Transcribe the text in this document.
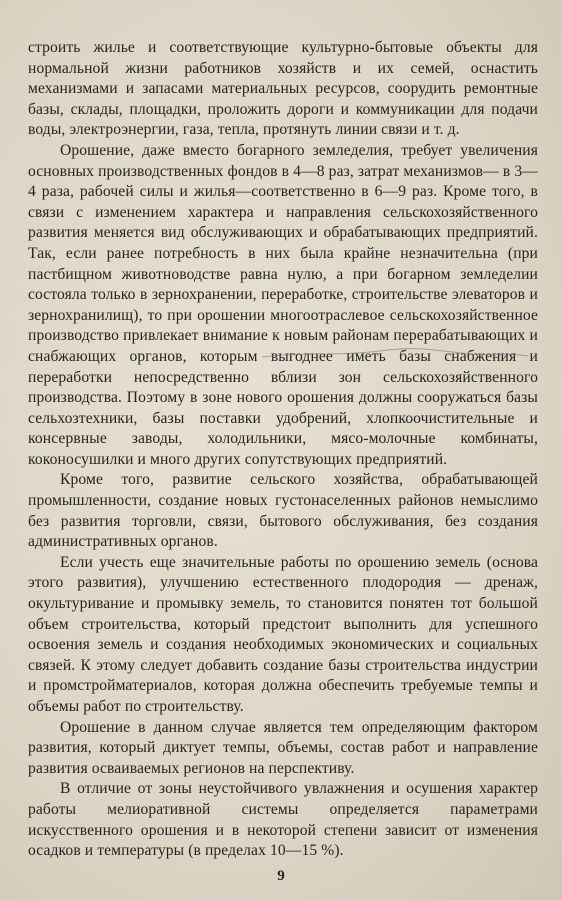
строить жилье и соответствующие культурно-бытовые объекты для нормальной жизни работников хозяйств и их семей, оснастить механизмами и запасами материальных ресурсов, соорудить ремонтные базы, склады, площадки, проложить дороги и коммуникации для подачи воды, электроэнергии, газа, тепла, протянуть линии связи и т. д.

Орошение, даже вместо богарного земледелия, требует увеличения основных производственных фондов в 4—8 раз, затрат механизмов— в 3—4 раза, рабочей силы и жилья—соответственно в 6—9 раз. Кроме того, в связи с изменением характера и направления сельскохозяйственного развития меняется вид обслуживающих и обрабатывающих предприятий. Так, если ранее потребность в них была крайне незначительна (при пастбищном животноводстве равна нулю, а при богарном земледелии состояла только в зернохранении, переработке, строительстве элеваторов и зернохранилищ), то при орошении многоотраслевое сельскохозяйственное производство привлекает внимание к новым районам перерабатывающих и снабжающих органов, которым выгоднее иметь базы снабжения и переработки непосредственно вблизи зон сельскохозяйственного производства. Поэтому в зоне нового орошения должны сооружаться базы сельхозтехники, базы поставки удобрений, хлопкоочистительные и консервные заводы, холодильники, мясо-молочные комбинаты, коконосушилки и много других сопутствующих предприятий.

Кроме того, развитие сельского хозяйства, обрабатывающей промышленности, создание новых густонаселенных районов немыслимо без развития торговли, связи, бытового обслуживания, без создания административных органов.

Если учесть еще значительные работы по орошению земель (основа этого развития), улучшению естественного плодородия — дренаж, окультуривание и промывку земель, то становится понятен тот большой объем строительства, который предстоит выполнить для успешного освоения земель и создания необходимых экономических и социальных связей. К этому следует добавить создание базы строительства индустрии и промстройматериалов, которая должна обеспечить требуемые темпы и объемы работ по строительству.

Орошение в данном случае является тем определяющим фактором развития, который диктует темпы, объемы, состав работ и направление развития осваиваемых регионов на перспективу.

В отличие от зоны неустойчивого увлажнения и осушения характер работы мелиоративной системы определяется параметрами искусственного орошения и в некоторой степени зависит от изменения осадков и температуры (в пределах 10—15 %).

9
